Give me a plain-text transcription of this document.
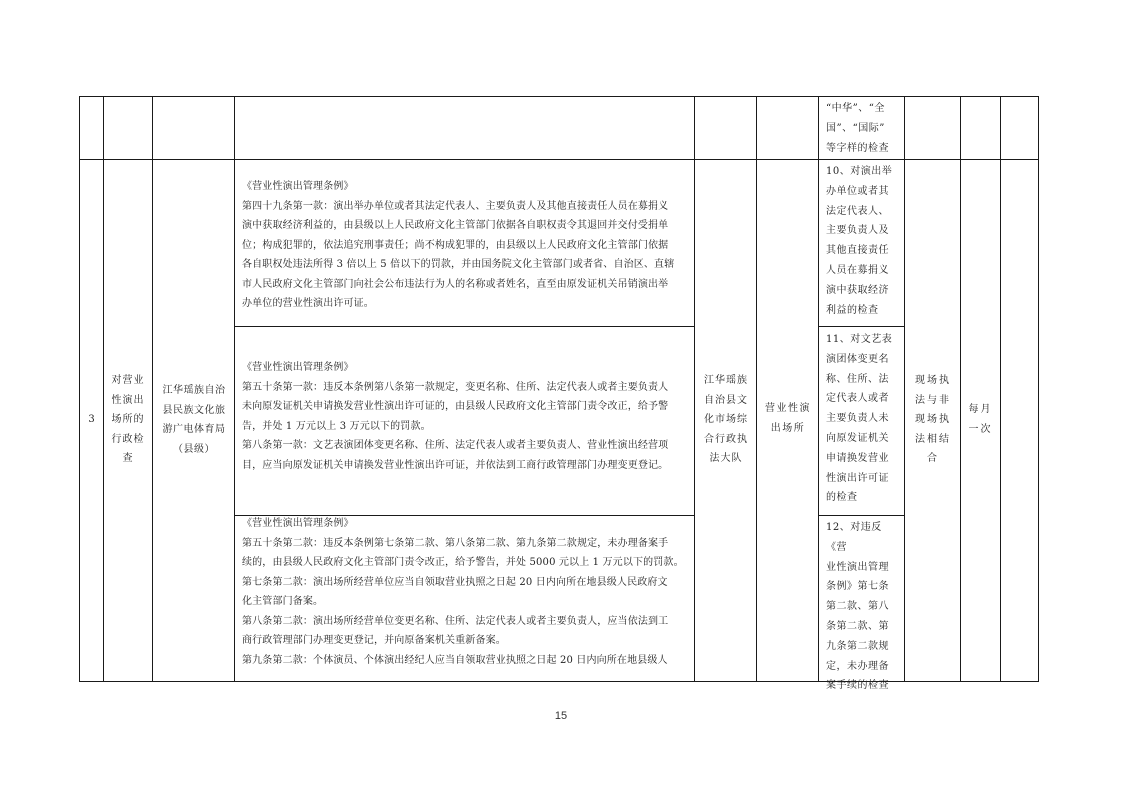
“中华”、“全
国”、“国际”
等字样的检查
3
对营业
性演出
场所的
行政检
查
江华瑶族自治
县民族文化旅
游广电体育局
（县级）
《营业性演出管理条例》
第四十九条第一款：演出举办单位或者其法定代表人、主要负责人及其他直接责任人员在募捐义
演中获取经济利益的，由县级以上人民政府文化主管部门依据各自职权责令其退回并交付受捐单
位；构成犯罪的，依法追究刑事责任；尚不构成犯罪的，由县级以上人民政府文化主管部门依据
各自职权处违法所得 3 倍以上 5 倍以下的罚款，并由国务院文化主管部门或者省、自治区、直辖
市人民政府文化主管部门向社会公布违法行为人的名称或者姓名，直至由原发证机关吊销演出举
办单位的营业性演出许可证。
《营业性演出管理条例》
第五十条第一款：违反本条例第八条第一款规定，变更名称、住所、法定代表人或者主要负责人
未向原发证机关申请换发营业性演出许可证的，由县级人民政府文化主管部门责令改正，给予警
告，并处 1 万元以上 3 万元以下的罚款。
第八条第一款：文艺表演团体变更名称、住所、法定代表人或者主要负责人、营业性演出经营项
目，应当向原发证机关申请换发营业性演出许可证，并依法到工商行政管理部门办理变更登记。
《营业性演出管理条例》
第五十条第二款：违反本条例第七条第二款、第八条第二款、第九条第二款规定，未办理备案手
续的，由县级人民政府文化主管部门责令改正，给予警告，并处 5000 元以上 1 万元以下的罚款。
第七条第二款：演出场所经营单位应当自领取营业执照之日起 20 日内向所在地县级人民政府文
化主管部门备案。
第八条第二款：演出场所经营单位变更名称、住所、法定代表人或者主要负责人，应当依法到工
商行政管理部门办理变更登记，并向原备案机关重新备案。
第九条第二款：个体演员、个体演出经纪人应当自领取营业执照之日起 20 日内向所在地县级人
江华瑶族
自治县文
化市场综
合行政执
法大队
营业性演
出场所
10、对演出举
办单位或者其
法定代表人、
主要负责人及
其他直接责任
人员在募捐义
演中获取经济
利益的检查
11、对文艺表
演团体变更名
称、住所、法
定代表人或者
主要负责人未
向原发证机关
申请换发营业
性演出许可证
的检查
12、对违反《营
业性演出管理
条例》第七条
第二款、第八
条第二款、第
九条第二款规
定，未办理备
案手续的检查
现场执
法与非
现场执
法相结
合
每月
一次
15
